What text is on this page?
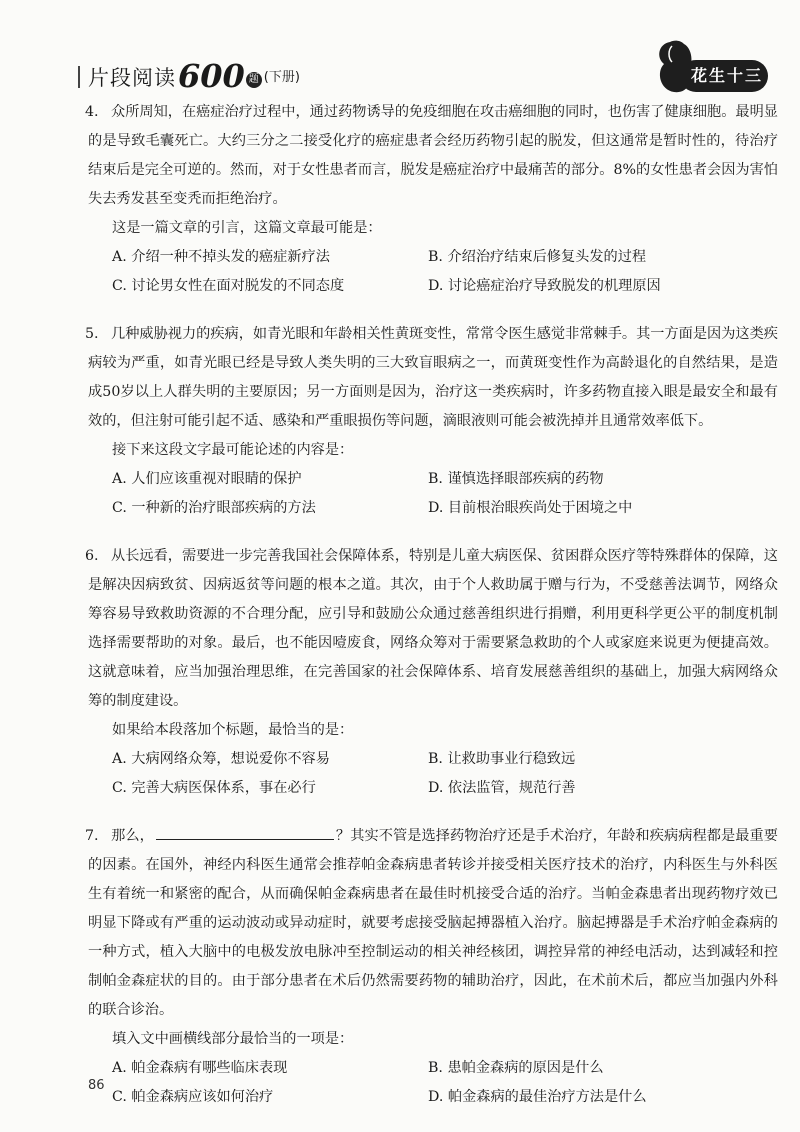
片段阅读 600 题 (下册)	花生十三

4. 众所周知，在癌症治疗过程中，通过药物诱导的免疫细胞在攻击癌细胞的同时，也伤害了健康细胞。最明显的是导致毛囊死亡。大约三分之二接受化疗的癌症患者会经历药物引起的脱发，但这通常是暂时性的，待治疗结束后是完全可逆的。然而，对于女性患者而言，脱发是癌症治疗中最痛苦的部分。8%的女性患者会因为害怕失去秀发甚至变秃而拒绝治疗。

这是一篇文章的引言，这篇文章最可能是：

A. 介绍一种不掉头发的癌症新疗法	B. 介绍治疗结束后修复头发的过程
C. 讨论男女性在面对脱发的不同态度	D. 讨论癌症治疗导致脱发的机理原因

5. 几种威胁视力的疾病，如青光眼和年龄相关性黄斑变性，常常令医生感觉非常棘手。其一方面是因为这类疾病较为严重，如青光眼已经是导致人类失明的三大致盲眼病之一，而黄斑变性作为高龄退化的自然结果，是造成50岁以上人群失明的主要原因；另一方面则是因为，治疗这一类疾病时，许多药物直接入眼是最安全和最有效的，但注射可能引起不适、感染和严重眼损伤等问题，滴眼液则可能会被洗掉并且通常效率低下。

接下来这段文字最可能论述的内容是：

A. 人们应该重视对眼睛的保护	B. 谨慎选择眼部疾病的药物
C. 一种新的治疗眼部疾病的方法	D. 目前根治眼疾尚处于困境之中

6. 从长远看，需要进一步完善我国社会保障体系，特别是儿童大病医保、贫困群众医疗等特殊群体的保障，这是解决因病致贫、因病返贫等问题的根本之道。其次，由于个人救助属于赠与行为，不受慈善法调节，网络众筹容易导致救助资源的不合理分配，应引导和鼓励公众通过慈善组织进行捐赠，利用更科学更公平的制度机制选择需要帮助的对象。最后，也不能因噎废食，网络众筹对于需要紧急救助的个人或家庭来说更为便捷高效。这就意味着，应当加强治理思维，在完善国家的社会保障体系、培育发展慈善组织的基础上，加强大病网络众筹的制度建设。

如果给本段落加个标题，最恰当的是：

A. 大病网络众筹，想说爱你不容易	B. 让救助事业行稳致远
C. 完善大病医保体系，事在必行	D. 依法监管，规范行善

7. 那么，	？其实不管是选择药物治疗还是手术治疗，年龄和疾病病程都是最重要的因素。在国外，神经内科医生通常会推荐帕金森病患者转诊并接受相关医疗技术的治疗，内科医生与外科医生有着统一和紧密的配合，从而确保帕金森病患者在最佳时机接受合适的治疗。当帕金森患者出现药物疗效已明显下降或有严重的运动波动或异动症时，就要考虑接受脑起搏器植入治疗。脑起搏器是手术治疗帕金森病的一种方式，植入大脑中的电极发放电脉冲至控制运动的相关神经核团，调控异常的神经电活动，达到减轻和控制帕金森症状的目的。由于部分患者在术后仍然需要药物的辅助治疗，因此，在术前术后，都应当加强内外科的联合诊治。

填入文中画横线部分最恰当的一项是：

A. 帕金森病有哪些临床表现	B. 患帕金森病的原因是什么
C. 帕金森病应该如何治疗	D. 帕金森病的最佳治疗方法是什么
86
